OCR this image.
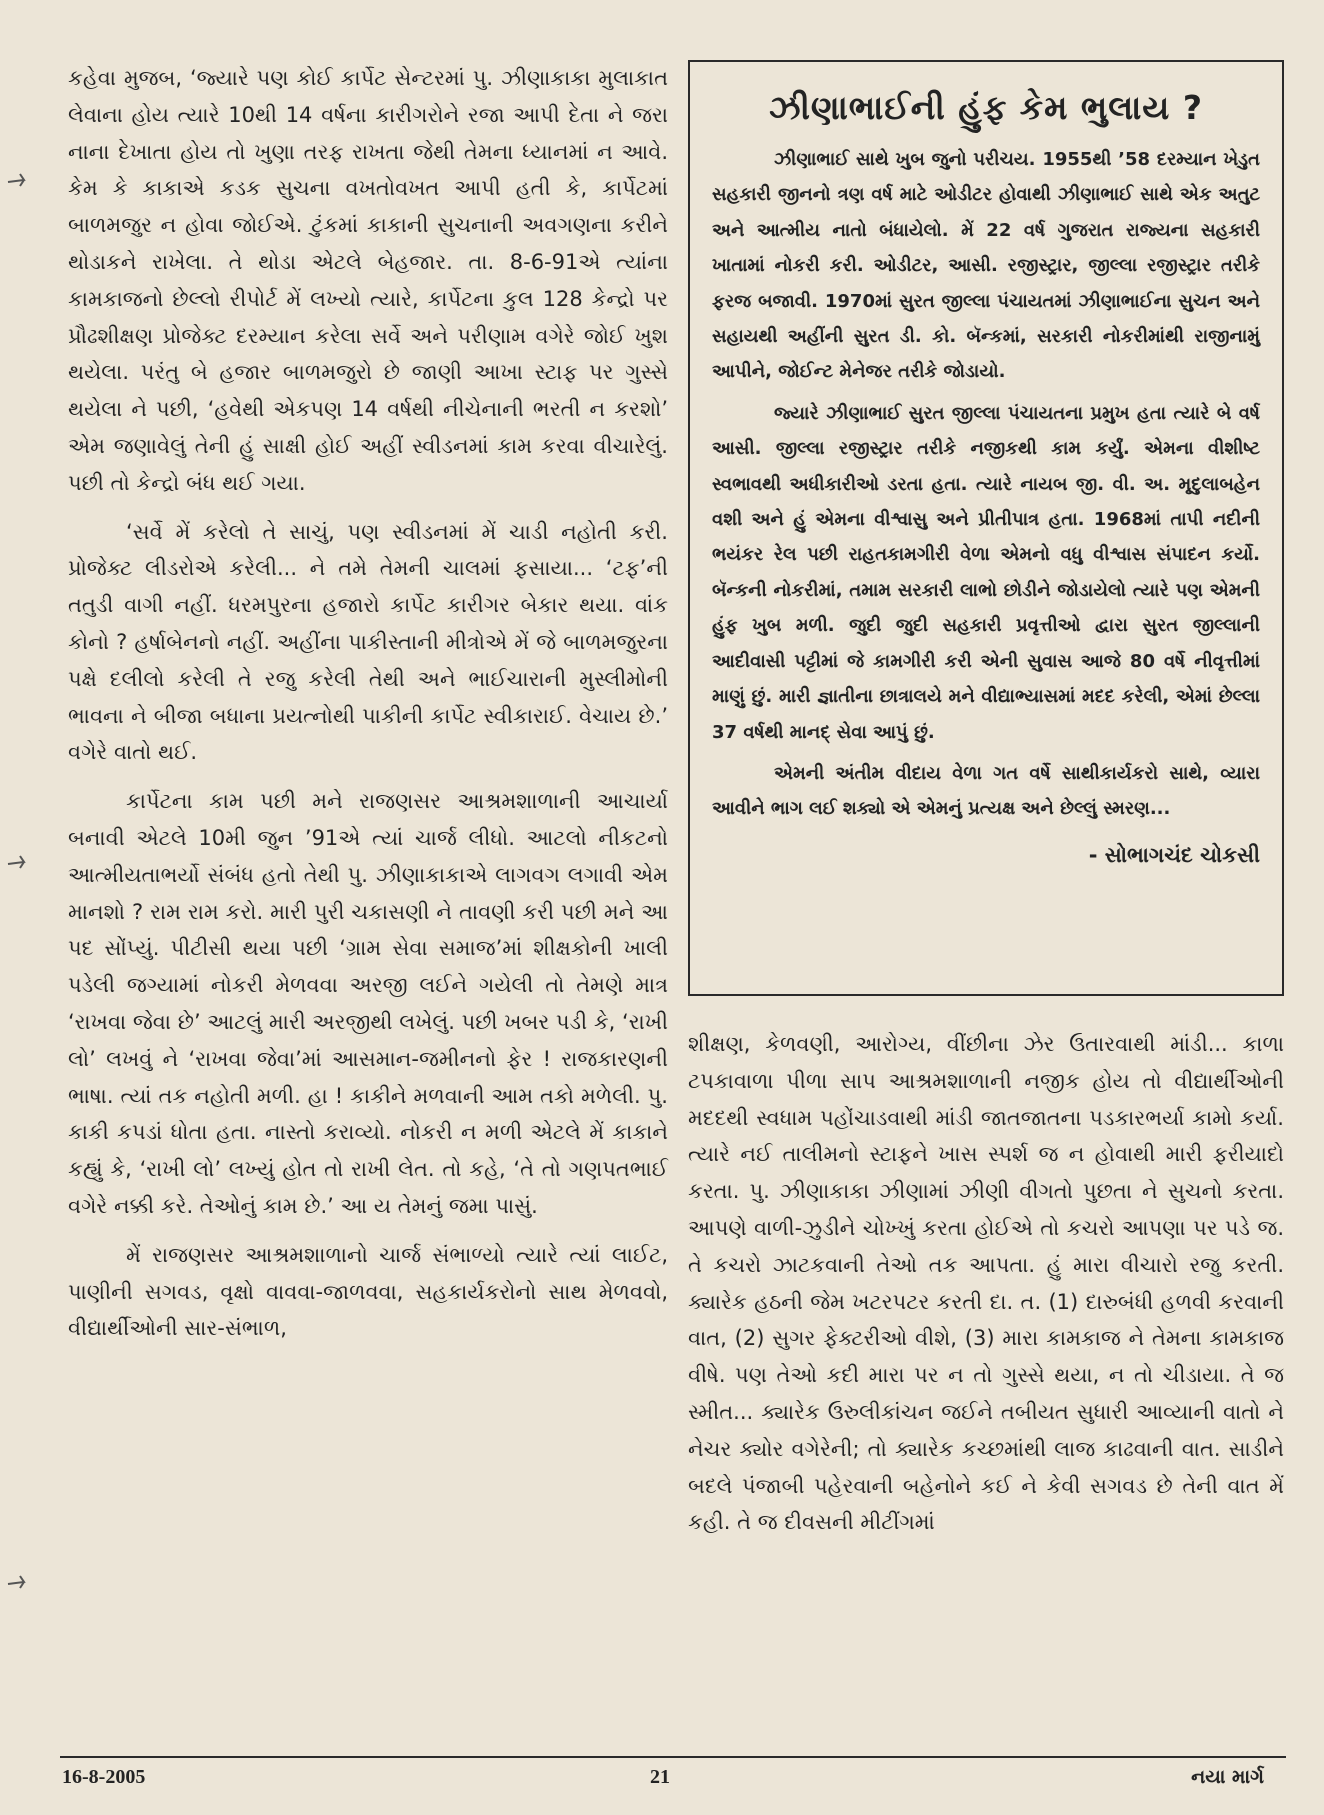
કહેવા મુજબ, ‘જ્યારે પણ કોઈ કાર્પેટ સેન્ટરમાં પુ. ઝીણાકાકા મુલાકાત લેવાના હોય ત્યારે 10થી 14 વર્ષના કારીગરોને રજા આપી દેતા ને જરા નાના દેખાતા હોય તો ખુણા તરફ રાખતા જેથી તેમના ધ્યાનમાં ન આવે. કેમ કે કાકાએ કડક સુચના વખતોવખત આપી હતી કે, કાર્પેટમાં બાળમજુર ન હોવા જોઈએ. ટુંકમાં કાકાની સુચનાની અવગણના કરીને થોડાકને રાખેલા. તે થોડા એટલે બેહજાર. તા. 8-6-91એ ત્યાંના કામકાજનો છેલ્લો રીપોર્ટ મેં લખ્યો ત્યારે, કાર્પેટના કુલ 128 કેન્દ્રો પર પ્રૌઢશીક્ષણ પ્રોજેક્ટ દરમ્યાન કરેલા સર્વે અને પરીણામ વગેરે જોઈ ખુશ થયેલા. પરંતુ બે હજાર બાળમજુરો છે જાણી આખા સ્ટાફ પર ગુસ્સે થયેલા ને પછી, ‘હવેથી એકપણ 14 વર્ષથી નીચેનાની ભરતી ન કરશો’ એમ જણાવેલું તેની હું સાક્ષી હોઈ અહીં સ્વીડનમાં કામ કરવા વીચારેલું. પછી તો કેન્દ્રો બંધ થઈ ગયા.

‘સર્વે મેં કરેલો તે સાચું, પણ સ્વીડનમાં મેં ચાડી નહોતી કરી. પ્રોજેક્ટ લીડરોએ કરેલી... ને તમે તેમની ચાલમાં ફસાયા... ‘ટફ’ની તતુડી વાગી નહીં. ધરમપુરના હજારો કાર્પેટ કારીગર બેકાર થયા. વાંક કોનો ? હર્ષાબેનનો નહીં. અહીંના પાકીસ્તાની મીત્રોએ મેં જે બાળમજુરના પક્ષે દલીલો કરેલી તે રજુ કરેલી તેથી અને ભાઈચારાની મુસ્લીમોની ભાવના ને બીજા બધાના પ્રયત્નોથી પાકીની કાર્પેટ સ્વીકારાઈ. વેચાય છે.’ વગેરે વાતો થઈ.

કાર્પેટના કામ પછી મને રાજણસર આશ્રમશાળાની આચાર્યા બનાવી એટલે 10મી જુન ’91એ ત્યાં ચાર્જ લીધો. આટલો નીકટનો આત્મીયતાભર્યો સંબંધ હતો તેથી પુ. ઝીણાકાકાએ લાગવગ લગાવી એમ માનશો ? રામ રામ કરો. મારી પુરી ચકાસણી ને તાવણી કરી પછી મને આ પદ સોંપ્યું. પીટીસી થયા પછી ‘ગ્રામ સેવા સમાજ’માં શીક્ષકોની ખાલી પડેલી જગ્યામાં નોકરી મેળવવા અરજી લઈને ગયેલી તો તેમણે માત્ર ‘રાખવા જેવા છે’ આટલું મારી અરજીથી લખેલું. પછી ખબર પડી કે, ‘રાખી લો’ લખવું ને ‘રાખવા જેવા’માં આસમાન-જમીનનો ફેર ! રાજકારણની ભાષા. ત્યાં તક નહોતી મળી. હા ! કાકીને મળવાની આમ તકો મળેલી. પુ. કાકી કપડાં ધોતા હતા. નાસ્તો કરાવ્યો. નોકરી ન મળી એટલે મેં કાકાને કહ્યું કે, ‘રાખી લો’ લખ્યું હોત તો રાખી લેત. તો કહે, ‘તે તો ગણપતભાઈ વગેરે નક્કી કરે. તેઓનું કામ છે.’ આ ય તેમનું જમા પાસું.

મેં રાજણસર આશ્રમશાળાનો ચાર્જ સંભાળ્યો ત્યારે ત્યાં લાઈટ, પાણીની સગવડ, વૃક્ષો વાવવા-જાળવવા, સહકાર્યકરોનો સાથ મેળવવો, વીદ્યાર્થીઓની સાર-સંભાળ,

ઝીણાભાઈની હુંફ કેમ ભુલાય ?

ઝીણાભાઈ સાથે ખુબ જુનો પરીચય. 1955થી ’58 દરમ્યાન ખેડુત સહકારી જીનનો ત્રણ વર્ષ માટે ઓડીટર હોવાથી ઝીણાભાઈ સાથે એક અતુટ અને આત્મીય નાતો બંધાયેલો. મેં 22 વર્ષ ગુજરાત રાજ્યના સહકારી ખાતામાં નોકરી કરી. ઓડીટર, આસી. રજીસ્ટ્રાર, જીલ્લા રજીસ્ટ્રાર તરીકે ફરજ બજાવી. 1970માં સુરત જીલ્લા પંચાયતમાં ઝીણાભાઈના સુચન અને સહાયથી અહીંની સુરત ડી. કો. બૅન્કમાં, સરકારી નોકરીમાંથી રાજીનામું આપીને, જોઈન્ટ મેનેજર તરીકે જોડાયો.

જ્યારે ઝીણાભાઈ સુરત જીલ્લા પંચાયતના પ્રમુખ હતા ત્યારે બે વર્ષ આસી. જીલ્લા રજીસ્ટ્રાર તરીકે નજીકથી કામ કર્યું. એમના વીશીષ્ટ સ્વભાવથી અધીકારીઓ ડરતા હતા. ત્યારે નાયબ જી. વી. અ. મૃદુલાબહેન વશી અને હું એમના વીશ્વાસુ અને પ્રીતીપાત્ર હતા. 1968માં તાપી નદીની ભયંકર રેલ પછી રાહતકામગીરી વેળા એમનો વધુ વીશ્વાસ સંપાદન કર્યો. બૅન્કની નોકરીમાં, તમામ સરકારી લાભો છોડીને જોડાયેલો ત્યારે પણ એમની હુંફ ખુબ મળી. જુદી જુદી સહકારી પ્રવૃત્તીઓ દ્વારા સુરત જીલ્લાની આદીવાસી પટ્ટીમાં જે કામગીરી કરી એની સુવાસ આજે 80 વર્ષે નીવૃત્તીમાં માણું છું. મારી જ્ઞાતીના છાત્રાલયે મને વીદ્યાભ્યાસમાં મદદ કરેલી, એમાં છેલ્લા 37 વર્ષથી માનદ્ સેવા આપું છું.

એમની અંતીમ વીદાય વેળા ગત વર્ષે સાથીકાર્યકરો સાથે, વ્યારા આવીને ભાગ લઈ શક્યો એ એમનું પ્રત્યક્ષ અને છેલ્લું સ્મરણ...

- સોભાગચંદ ચોકસી

શીક્ષણ, કેળવણી, આરોગ્ય, વીંછીના ઝેર ઉતારવાથી માંડી... કાળા ટપકાવાળા પીળા સાપ આશ્રમશાળાની નજીક હોય તો વીદ્યાર્થીઓની મદદથી સ્વધામ પહોંચાડવાથી માંડી જાતજાતના પડકારભર્યા કામો કર્યા. ત્યારે નઈ તાલીમનો સ્ટાફને ખાસ સ્પર્શ જ ન હોવાથી મારી ફરીયાદો કરતા. પુ. ઝીણાકાકા ઝીણામાં ઝીણી વીગતો પુછતા ને સુચનો કરતા. આપણે વાળી-ઝુડીને ચોખ્ખું કરતા હોઈએ તો કચરો આપણા પર પડે જ. તે કચરો ઝાટકવાની તેઓ તક આપતા. હું મારા વીચારો રજુ કરતી. ક્યારેક હઠની જેમ ખટરપટર કરતી દા. ત. (1) દારુબંધી હળવી કરવાની વાત, (2) સુગર ફેક્ટરીઓ વીશે, (3) મારા કામકાજ ને તેમના કામકાજ વીષે. પણ તેઓ કદી મારા પર ન તો ગુસ્સે થયા, ન તો ચીડાયા. તે જ સ્મીત... ક્યારેક ઉરુલીકાંચન જઈને તબીયત સુધારી આવ્યાની વાતો ને નેચર ક્યોર વગેરેની; તો ક્યારેક કચ્છમાંથી લાજ કાઢવાની વાત. સાડીને બદલે પંજાબી પહેરવાની બહેનોને કઈ ને કેવી સગવડ છે તેની વાત મેં કહી. તે જ દીવસની મીટીંગમાં

16-8-2005	21	નયા માર્ગ
